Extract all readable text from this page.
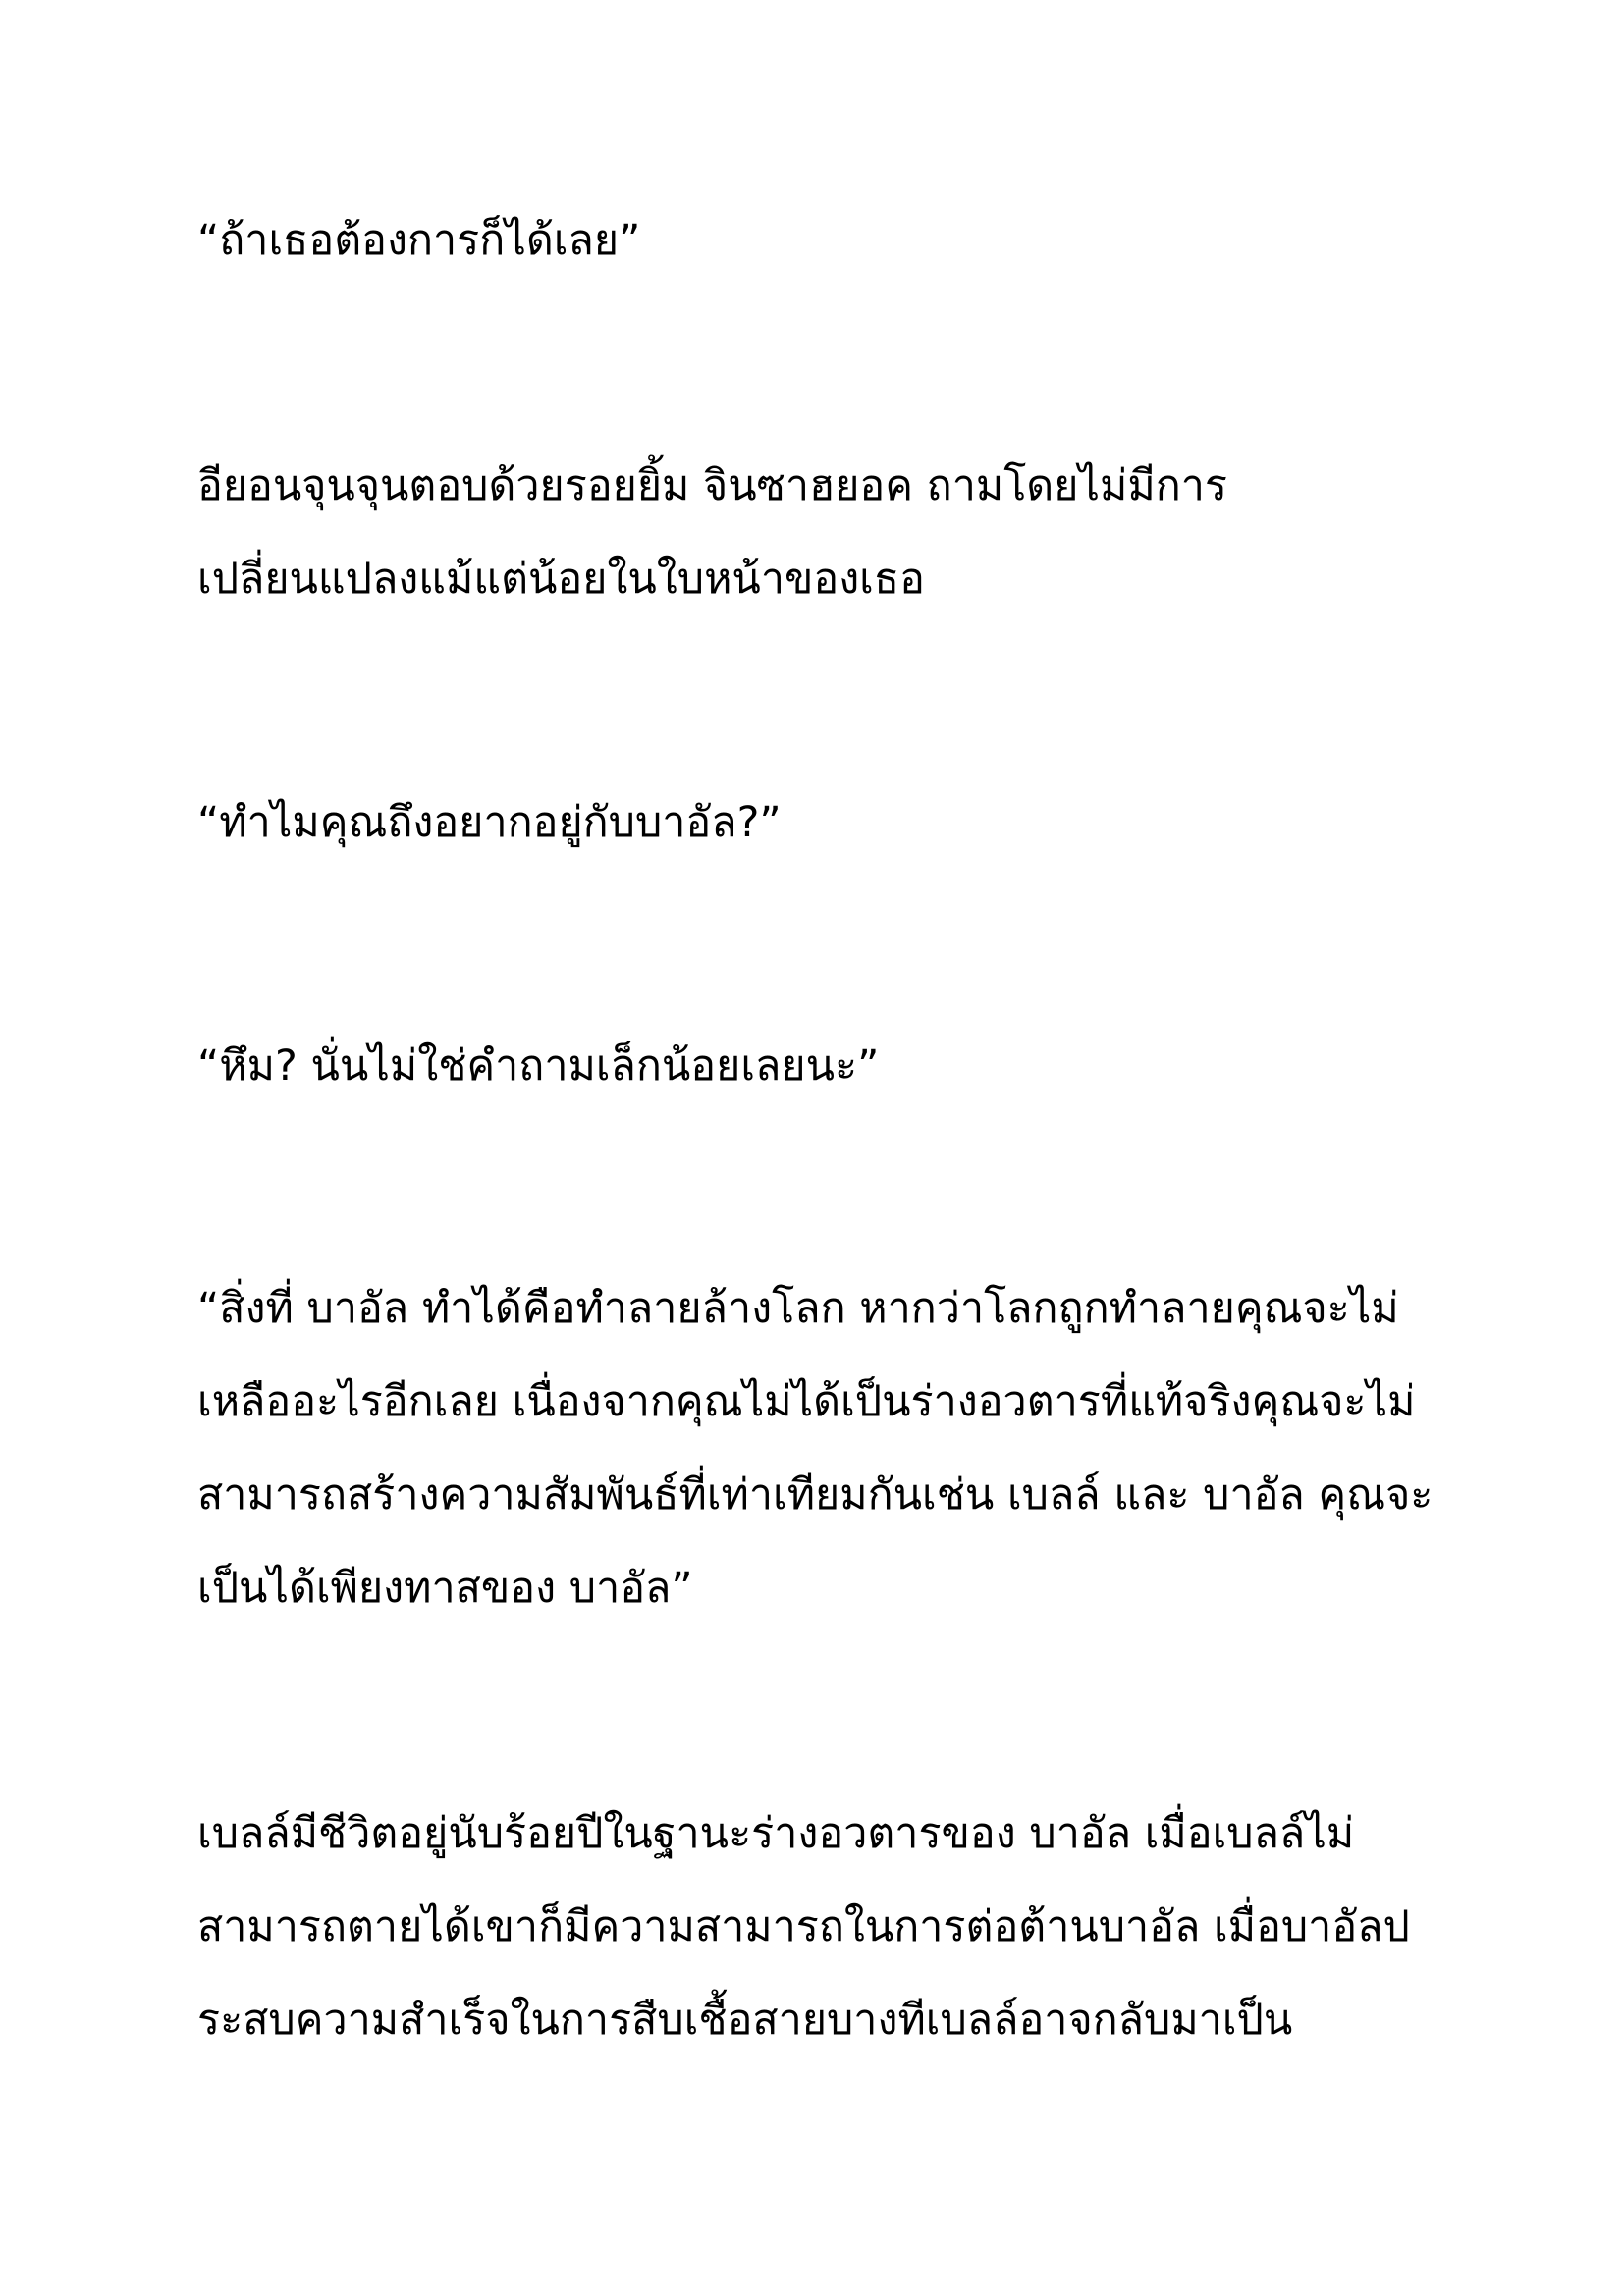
“ถ้าเธอต้องการก็ได้เลย”
อียอนจุนจุนตอบด้วยรอยยิ้ม จินซาฮยอค ถามโดยไม่มีการ
เปลี่ยนแปลงแม้แต่น้อยในใบหน้าของเธอ
“ทำไมคุณถึงอยากอยู่กับบาอัล?”
“หึม? นั่นไม่ใช่คำถามเล็กน้อยเลยนะ”
“สิ่งที่ บาอัล ทำได้คือทำลายล้างโลก หากว่าโลกถูกทำลายคุณจะไม่
เหลืออะไรอีกเลย เนื่องจากคุณไม่ได้เป็นร่างอวตารที่แท้จริงคุณจะไม่
สามารถสร้างความสัมพันธ์ที่เท่าเทียมกันเช่น เบลล์ และ บาอัล คุณจะ
เป็นได้เพียงทาสของ บาอัล”
เบลล์มีชีวิตอยู่นับร้อยปีในฐานะร่างอวตารของ บาอัล เมื่อเบลล์ไม่
สามารถตายได้เขาก็มีความสามารถในการต่อต้านบาอัล เมื่อบาอัลป
ระสบความสำเร็จในการสืบเชื้อสายบางทีเบลล์อาจกลับมาเป็น
